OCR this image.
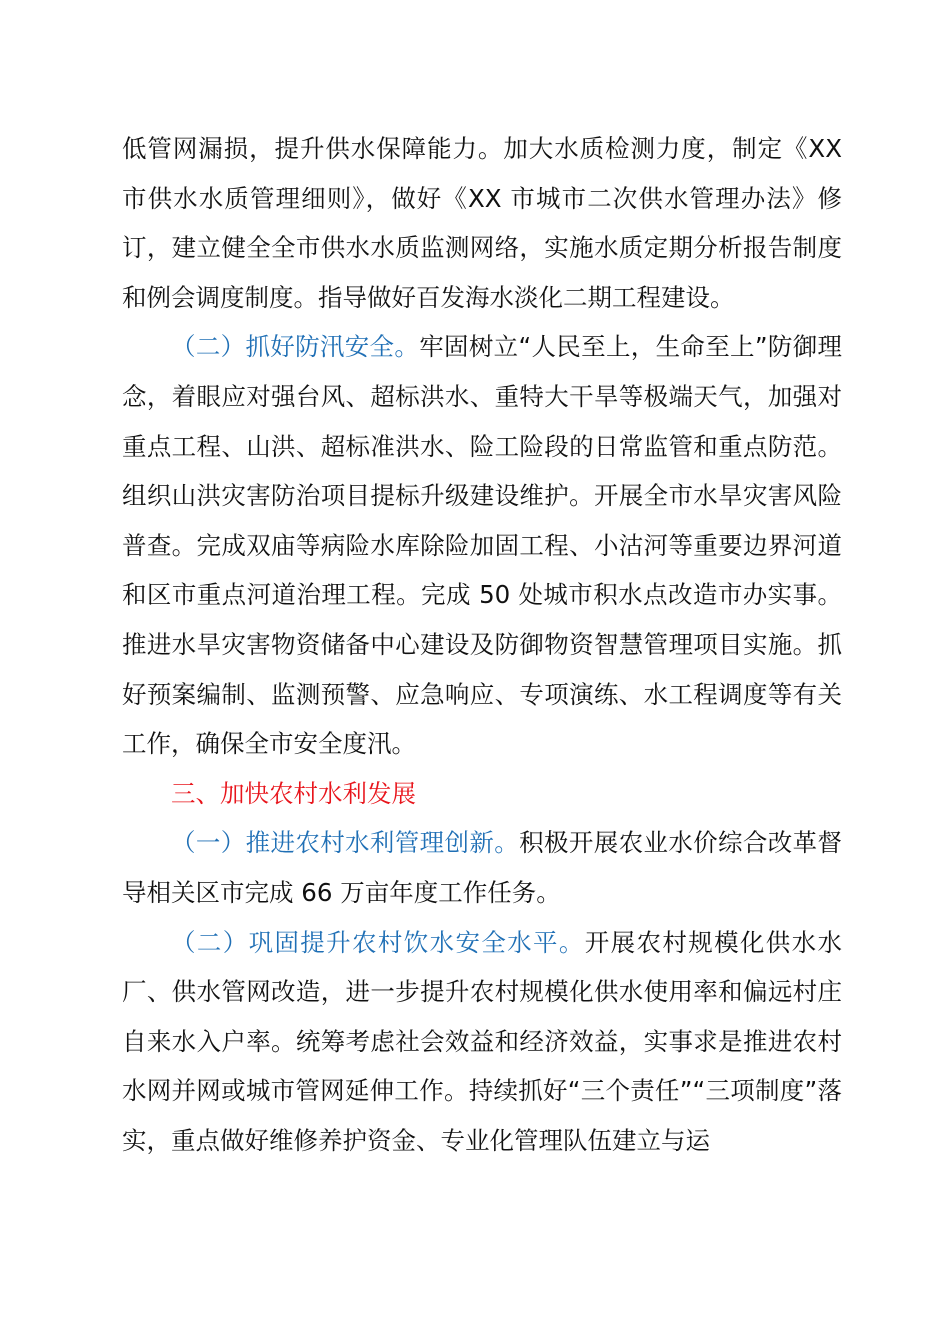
低管网漏损，提升供水保障能力。加大水质检测力度，制定《XX 市供水水质管理细则》，做好《XX 市城市二次供水管理办法》修订，建立健全全市供水水质监测网络，实施水质定期分析报告制度和例会调度制度。指导做好百发海水淡化二期工程建设。

（二）抓好防汛安全。牢固树立“人民至上，生命至上”防御理念，着眼应对强台风、超标洪水、重特大干旱等极端天气，加强对重点工程、山洪、超标准洪水、险工险段的日常监管和重点防范。组织山洪灾害防治项目提标升级建设维护。开展全市水旱灾害风险普查。完成双庙等病险水库除险加固工程、小沽河等重要边界河道和区市重点河道治理工程。完成 50 处城市积水点改造市办实事。推进水旱灾害物资储备中心建设及防御物资智慧管理项目实施。抓好预案编制、监测预警、应急响应、专项演练、水工程调度等有关工作，确保全市安全度汛。

三、加快农村水利发展

（一）推进农村水利管理创新。积极开展农业水价综合改革督导相关区市完成 66 万亩年度工作任务。

（二）巩固提升农村饮水安全水平。开展农村规模化供水水厂、供水管网改造，进一步提升农村规模化供水使用率和偏远村庄自来水入户率。统筹考虑社会效益和经济效益，实事求是推进农村水网并网或城市管网延伸工作。持续抓好“三个责任”“三项制度”落实，重点做好维修养护资金、专业化管理队伍建立与运
